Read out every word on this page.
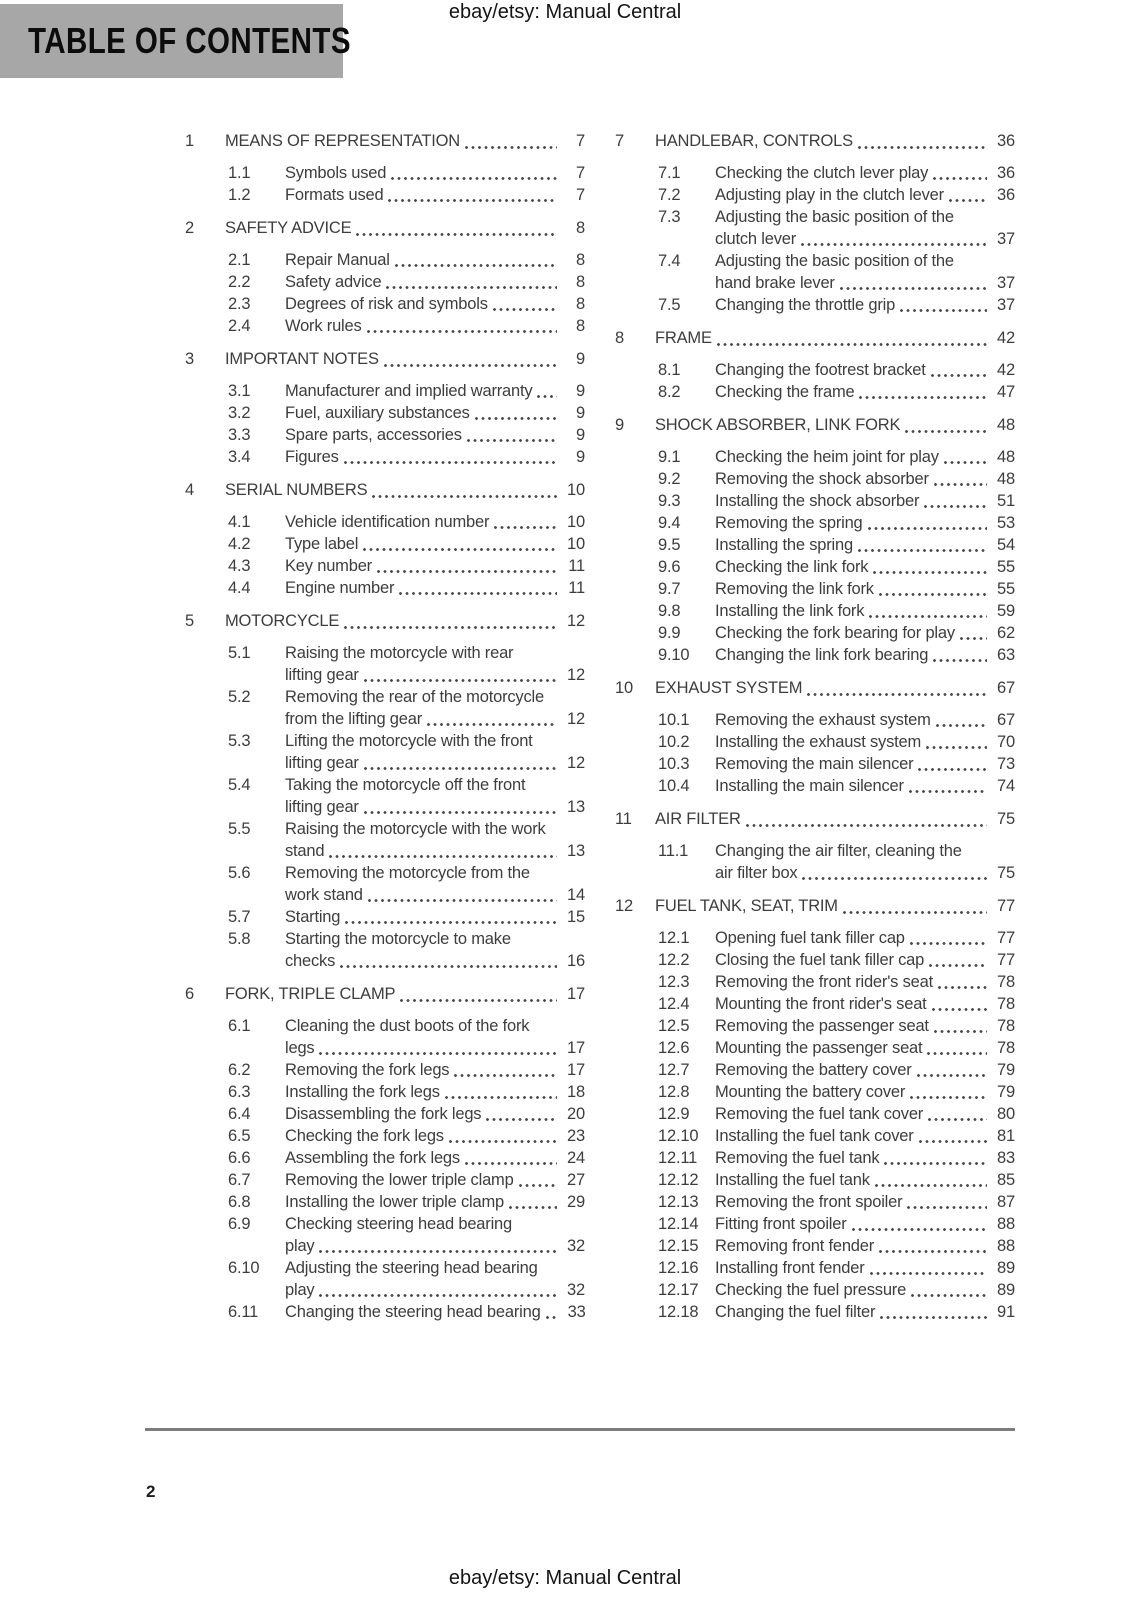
ebay/etsy: Manual Central
TABLE OF CONTENTS
1	MEANS OF REPRESENTATION	7
1.1	Symbols used	7
1.2	Formats used	7
2	SAFETY ADVICE	8
2.1	Repair Manual	8
2.2	Safety advice	8
2.3	Degrees of risk and symbols	8
2.4	Work rules	8
3	IMPORTANT NOTES	9
3.1	Manufacturer and implied warranty	9
3.2	Fuel, auxiliary substances	9
3.3	Spare parts, accessories	9
3.4	Figures	9
4	SERIAL NUMBERS	10
4.1	Vehicle identification number	10
4.2	Type label	10
4.3	Key number	11
4.4	Engine number	11
5	MOTORCYCLE	12
5.1	Raising the motorcycle with rear
lifting gear	12
5.2	Removing the rear of the motorcycle
from the lifting gear	12
5.3	Lifting the motorcycle with the front
lifting gear	12
5.4	Taking the motorcycle off the front
lifting gear	13
5.5	Raising the motorcycle with the work
stand	13
5.6	Removing the motorcycle from the
work stand	14
5.7	Starting	15
5.8	Starting the motorcycle to make
checks	16
6	FORK, TRIPLE CLAMP	17
6.1	Cleaning the dust boots of the fork
legs	17
6.2	Removing the fork legs	17
6.3	Installing the fork legs	18
6.4	Disassembling the fork legs	20
6.5	Checking the fork legs	23
6.6	Assembling the fork legs	24
6.7	Removing the lower triple clamp	27
6.8	Installing the lower triple clamp	29
6.9	Checking steering head bearing
play	32
6.10	Adjusting the steering head bearing
play	32
6.11	Changing the steering head bearing 33
7	HANDLEBAR, CONTROLS	36
7.1	Checking the clutch lever play	36
7.2	Adjusting play in the clutch lever	36
7.3	Adjusting the basic position of the
clutch lever	37
7.4	Adjusting the basic position of the
hand brake lever	37
7.5	Changing the throttle grip	37
8	FRAME	42
8.1	Changing the footrest bracket	42
8.2	Checking the frame	47
9	SHOCK ABSORBER, LINK FORK	48
9.1	Checking the heim joint for play	48
9.2	Removing the shock absorber	48
9.3	Installing the shock absorber	51
9.4	Removing the spring	53
9.5	Installing the spring	54
9.6	Checking the link fork	55
9.7	Removing the link fork	55
9.8	Installing the link fork	59
9.9	Checking the fork bearing for play	62
9.10	Changing the link fork bearing	63
10	EXHAUST SYSTEM	67
10.1	Removing the exhaust system	67
10.2	Installing the exhaust system	70
10.3	Removing the main silencer	73
10.4	Installing the main silencer	74
11	AIR FILTER	75
11.1	Changing the air filter, cleaning the
air filter box	75
12	FUEL TANK, SEAT, TRIM	77
12.1	Opening fuel tank filler cap	77
12.2	Closing the fuel tank filler cap	77
12.3	Removing the front rider's seat	78
12.4	Mounting the front rider's seat	78
12.5	Removing the passenger seat	78
12.6	Mounting the passenger seat	78
12.7	Removing the battery cover	79
12.8	Mounting the battery cover	79
12.9	Removing the fuel tank cover	80
12.10	Installing the fuel tank cover	81
12.11	Removing the fuel tank	83
12.12	Installing the fuel tank	85
12.13	Removing the front spoiler	87
12.14	Fitting front spoiler	88
12.15	Removing front fender	88
12.16	Installing front fender	89
12.17	Checking the fuel pressure	89
12.18	Changing the fuel filter	91
2
ebay/etsy: Manual Central
